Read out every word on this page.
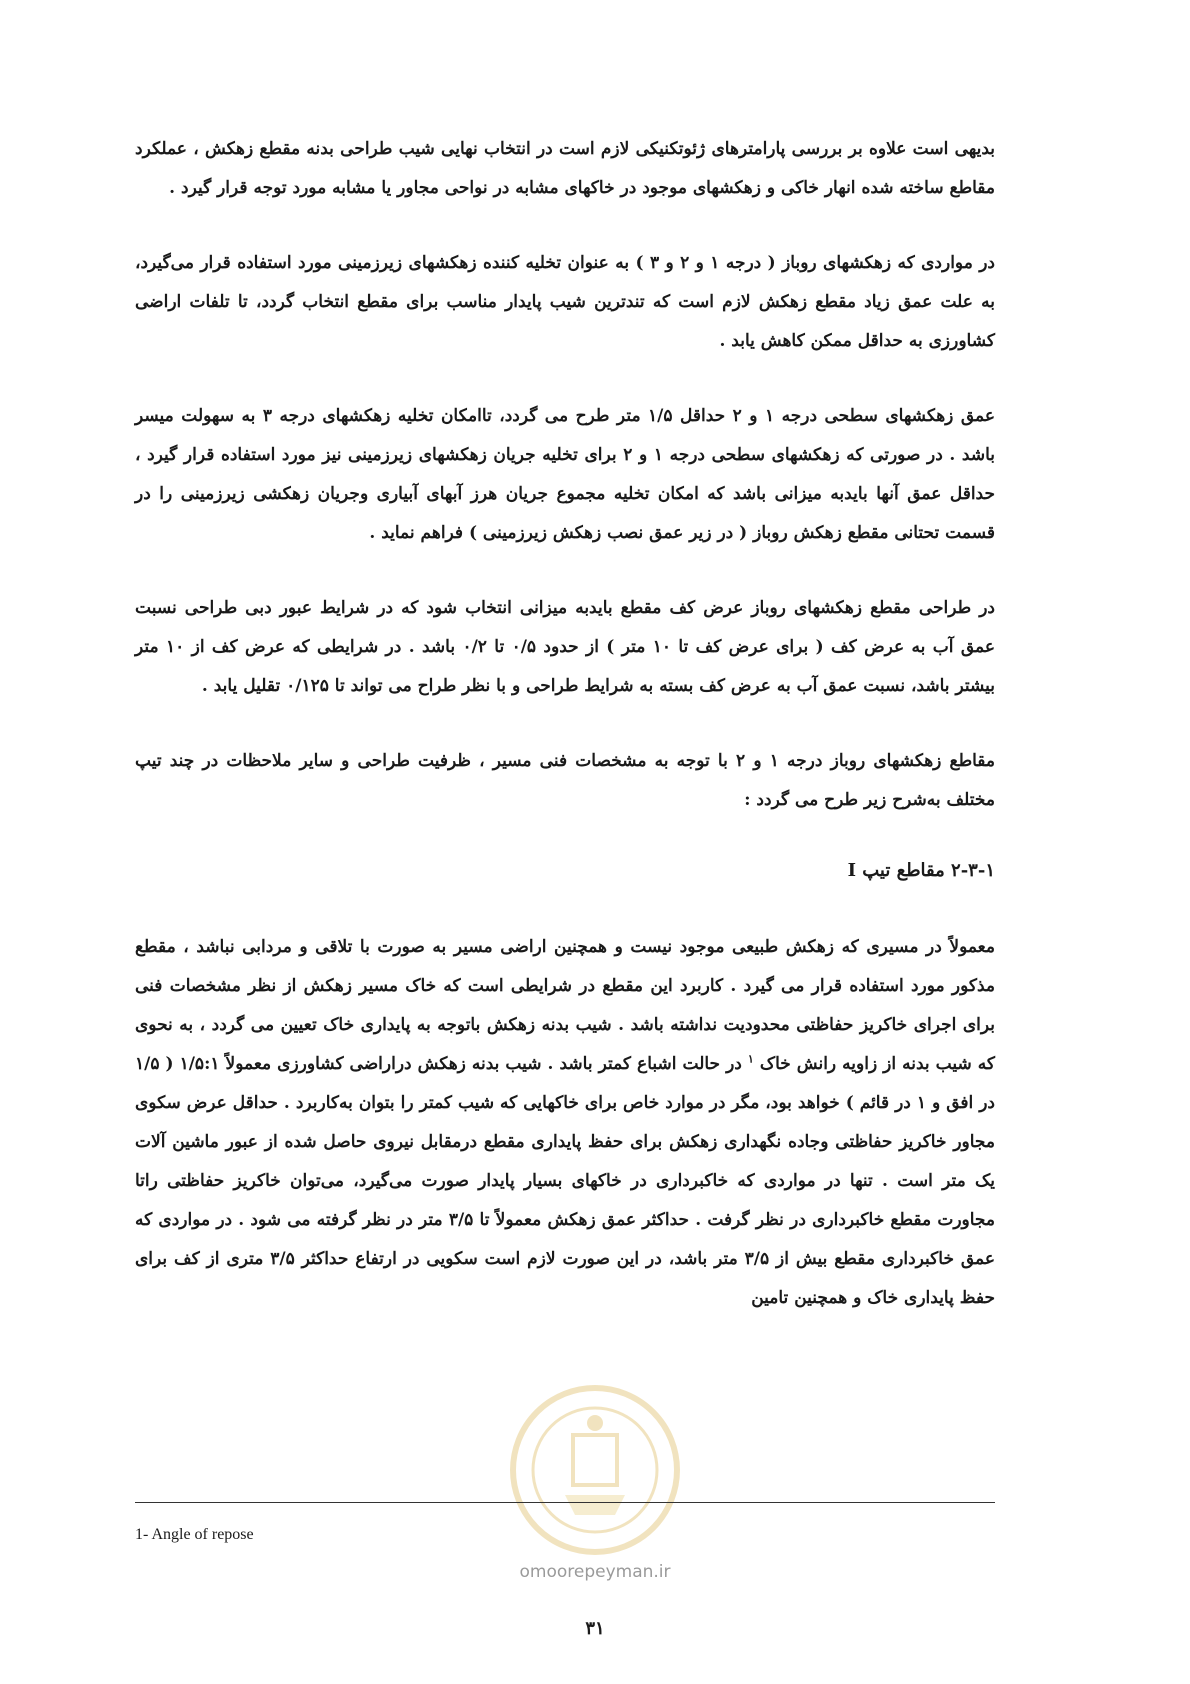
بدیهی است علاوه بر بررسی پارامترهای ژئوتکنیکی لازم است در انتخاب نهایی شیب طراحی بدنه مقطع زهکش ، عملکرد مقاطع ساخته شده انهار خاکی و زهکشهای موجود در خاکهای مشابه در نواحی مجاور یا مشابه مورد توجه قرار گیرد .

در مواردی که زهکشهای روباز ( درجه ۱ و ۲ و ۳ ) به عنوان تخلیه کننده زهکشهای زیرزمینی مورد استفاده قرار می‌گیرد، به علت عمق زیاد مقطع زهکش لازم است که تندترین شیب پایدار مناسب برای مقطع انتخاب گردد، تا تلفات اراضی کشاورزی به حداقل ممکن کاهش یابد .

عمق زهکشهای سطحی درجه ۱ و ۲ حداقل ۱/۵ متر طرح می گردد، تاامکان تخلیه زهکشهای درجه ۳ به سهولت میسر باشد . در صورتی که زهکشهای سطحی درجه ۱ و ۲ برای تخلیه جریان زهکشهای زیرزمینی نیز مورد استفاده قرار گیرد ، حداقل عمق آنها بایدبه میزانی باشد که امکان تخلیه مجموع جریان هرز آبهای آبیاری وجریان زهکشی زیرزمینی را در قسمت تحتانی مقطع زهکش روباز ( در زیر عمق نصب زهکش زیرزمینی ) فراهم نماید .

در طراحی مقطع زهکشهای روباز عرض کف مقطع بایدبه میزانی انتخاب شود که در شرایط عبور دبی طراحی نسبت عمق آب به عرض کف ( برای عرض کف تا ۱۰ متر ) از حدود ۰/۵ تا ۰/۲ باشد . در شرایطی که عرض کف از ۱۰ متر بیشتر باشد، نسبت عمق آب به عرض کف بسته به شرایط طراحی و با نظر طراح می تواند تا ۰/۱۲۵ تقلیل یابد .

مقاطع زهکشهای روباز درجه ۱ و ۲ با توجه به مشخصات فنی مسیر ، ظرفیت طراحی و سایر ملاحظات در چند تیپ مختلف به‌شرح زیر طرح می گردد :

۲-۳-۱ مقاطع تیپ I

معمولاً در مسیری که زهکش طبیعی موجود نیست و همچنین اراضی مسیر به صورت با تلاقی و مردابی نباشد ، مقطع مذکور مورد استفاده قرار می گیرد . کاربرد این مقطع در شرایطی است که خاک مسیر زهکش از نظر مشخصات فنی برای اجرای خاکریز حفاظتی محدودیت نداشته باشد . شیب بدنه زهکش باتوجه به پایداری خاک تعیین می گردد ، به نحوی که شیب بدنه از زاویه رانش خاک $^۱$ در حالت اشباع کمتر باشد . شیب بدنه زهکش دراراضی کشاورزی معمولاً ۱/۵:۱ ( ۱/۵ در افق و ۱ در قائم ) خواهد بود، مگر در موارد خاص برای خاکهایی که شیب کمتر را بتوان به‌کاربرد . حداقل عرض سکوی مجاور خاکریز حفاظتی وجاده نگهداری زهکش برای حفظ پایداری مقطع درمقابل نیروی حاصل شده از عبور ماشین آلات یک متر است . تنها در مواردی که خاکبرداری در خاکهای بسیار پایدار صورت می‌گیرد، می‌توان خاکریز حفاظتی راتا مجاورت مقطع خاکبرداری در نظر گرفت . حداکثر عمق زهکش معمولاً تا ۳/۵ متر در نظر گرفته می شود . در مواردی که عمق خاکبرداری مقطع بیش از ۳/۵ متر باشد، در این صورت لازم است سکویی در ارتفاع حداکثر ۳/۵ متری از کف برای حفظ پایداری خاک و همچنین تامین

1- Angle of repose
omoorepeyman.ir
۳۱
